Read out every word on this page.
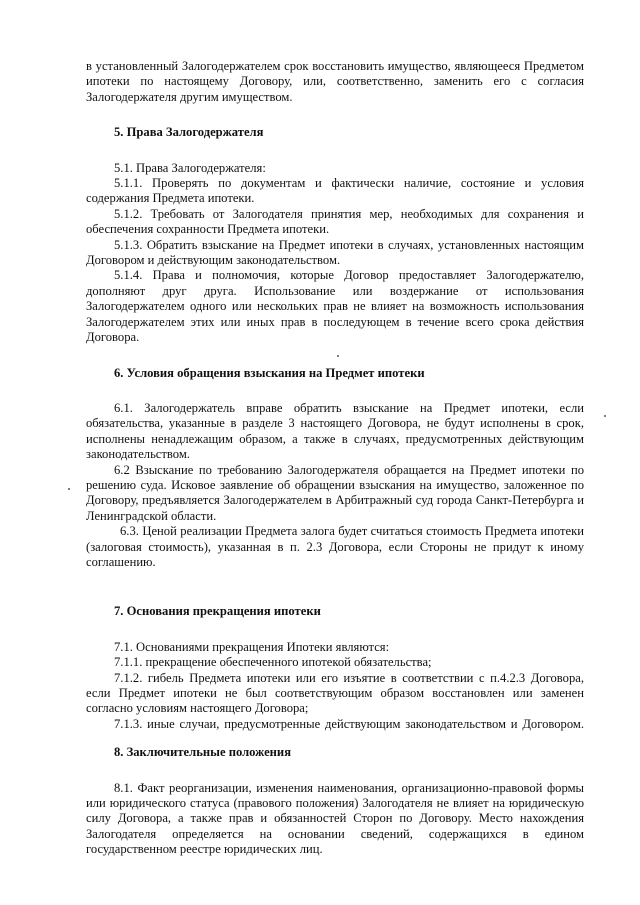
в установленный Залогодержателем срок восстановить имущество, являющееся Предметом ипотеки по настоящему Договору, или, соответственно, заменить его с согласия Залогодержателя другим имуществом.

5. Права Залогодержателя

5.1. Права Залогодержателя:

5.1.1. Проверять по документам и фактически наличие, состояние и условия содержания Предмета ипотеки.

5.1.2. Требовать от Залогодателя принятия мер, необходимых для сохранения и обеспечения сохранности Предмета ипотеки.

5.1.3. Обратить взыскание на Предмет ипотеки в случаях, установленных настоящим Договором и действующим законодательством.

5.1.4. Права и полномочия, которые Договор предоставляет Залогодержателю, дополняют друг друга. Использование или воздержание от использования Залогодержателем одного или нескольких прав не влияет на возможность использования Залогодержателем этих или иных прав в последующем в течение всего срока действия Договора.

6. Условия обращения взыскания на Предмет ипотеки

6.1. Залогодержатель вправе обратить взыскание на Предмет ипотеки, если обязательства, указанные в разделе 3 настоящего Договора, не будут исполнены в срок, исполнены ненадлежащим образом, а также в случаях, предусмотренных действующим законодательством.

6.2 Взыскание по требованию Залогодержателя обращается на Предмет ипотеки по решению суда. Исковое заявление об обращении взыскания на имущество, заложенное по Договору, предъявляется Залогодержателем в Арбитражный суд города Санкт-Петербурга и Ленинградской области.

6.3. Ценой реализации Предмета залога будет считаться стоимость Предмета ипотеки (залоговая стоимость), указанная в п. 2.3 Договора, если Стороны не придут к иному соглашению.

7. Основания прекращения ипотеки

7.1. Основаниями прекращения Ипотеки являются:

7.1.1. прекращение обеспеченного ипотекой обязательства;

7.1.2. гибель Предмета ипотеки или его изъятие в соответствии с п.4.2.3 Договора, если Предмет ипотеки не был соответствующим образом восстановлен или заменен согласно условиям настоящего Договора;

7.1.3. иные случаи, предусмотренные действующим законодательством и Договором.

8. Заключительные положения

8.1. Факт реорганизации, изменения наименования, организационно-правовой формы или юридического статуса (правового положения) Залогодателя не влияет на юридическую силу Договора, а также прав и обязанностей Сторон по Договору. Место нахождения Залогодателя определяется на основании сведений, содержащихся в едином государственном реестре юридических лиц.
